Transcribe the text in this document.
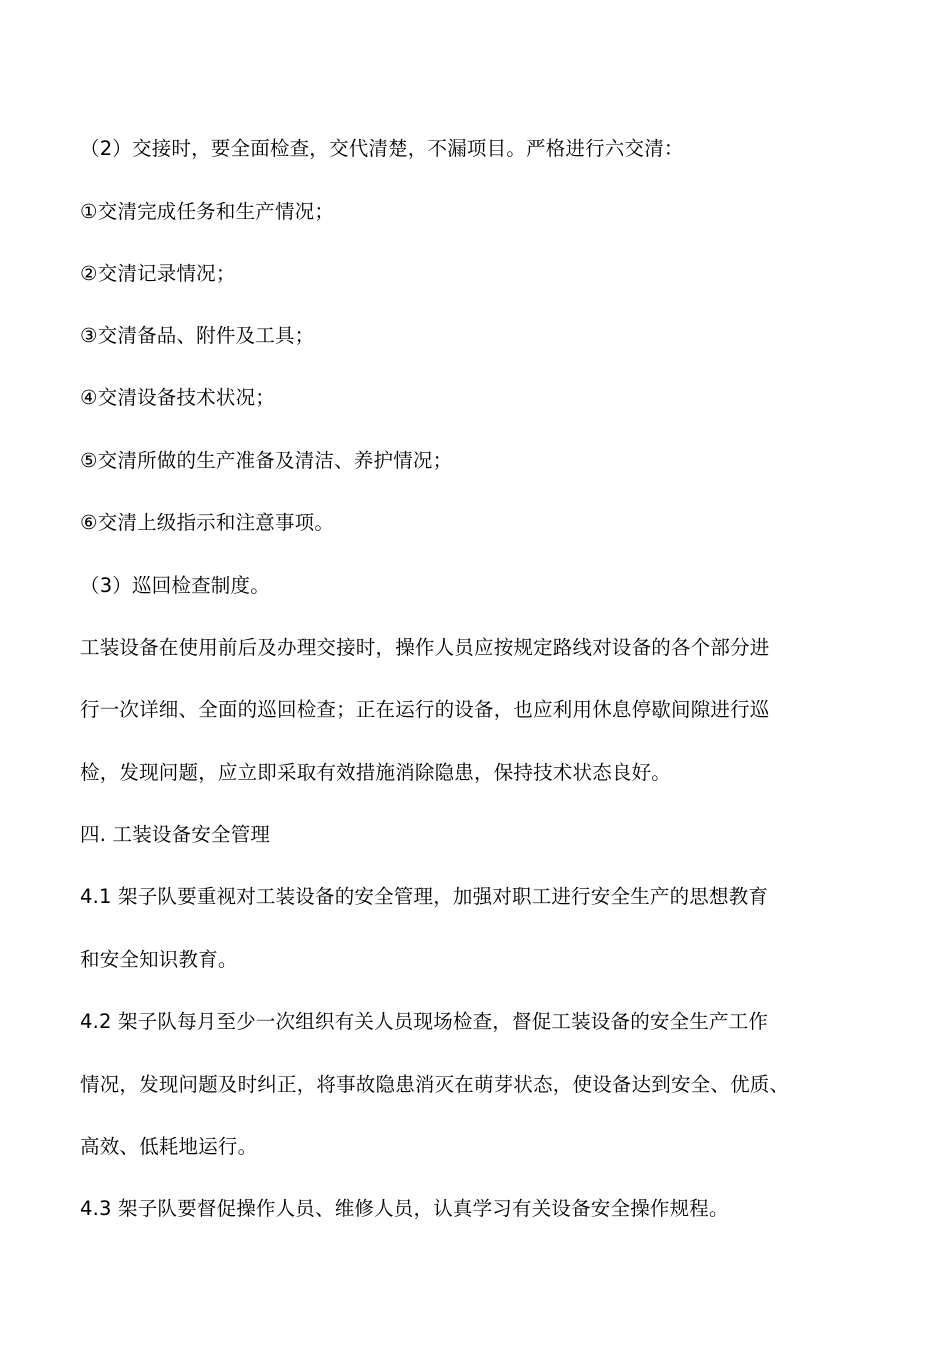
（2）交接时，要全面检查，交代清楚，不漏项目。严格进行六交清：
①交清完成任务和生产情况；
②交清记录情况；
③交清备品、附件及工具；
④交清设备技术状况；
⑤交清所做的生产准备及清洁、养护情况；
⑥交清上级指示和注意事项。
（3）巡回检查制度。
工装设备在使用前后及办理交接时，操作人员应按规定路线对设备的各个部分进
行一次详细、全面的巡回检查；正在运行的设备，也应利用休息停歇间隙进行巡
检，发现问题，应立即采取有效措施消除隐患，保持技术状态良好。
四. 工装设备安全管理
4.1 架子队要重视对工装设备的安全管理，加强对职工进行安全生产的思想教育
和安全知识教育。
4.2 架子队每月至少一次组织有关人员现场检查，督促工装设备的安全生产工作
情况，发现问题及时纠正，将事故隐患消灭在萌芽状态，使设备达到安全、优质、
高效、低耗地运行。
4.3 架子队要督促操作人员、维修人员，认真学习有关设备安全操作规程。
